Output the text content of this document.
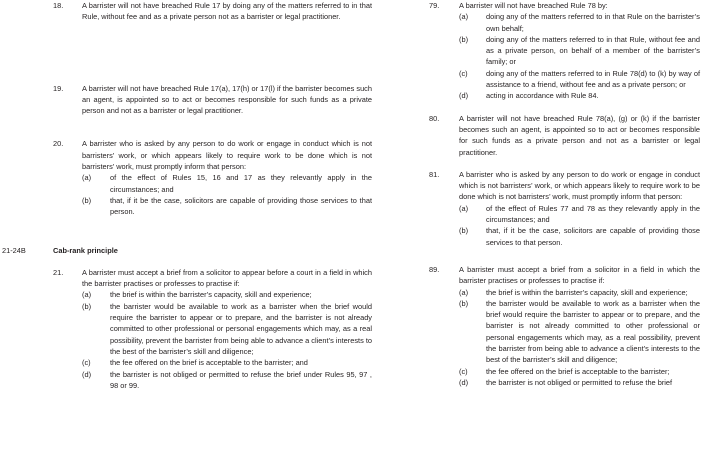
18.	A barrister will not have breached Rule 17 by doing any of the matters referred to in that Rule, without fee and as a private person not as a barrister or legal practitioner.
19.	A barrister will not have breached Rule 17(a), 17(h) or 17(l) if the barrister becomes such an agent, is appointed so to act or becomes responsible for such funds as a private person and not as a barrister or legal practitioner.
20.	A barrister who is asked by any person to do work or engage in conduct which is not barristers’ work, or which appears likely to require work to be done which is not barristers’ work, must promptly inform that person:
(a)	of the effect of Rules 15, 16 and 17 as they relevantly apply in the circumstances; and
(b)	that, if it be the case, solicitors are capable of providing those services to that person.
21-24B	Cab-rank principle
21.	A barrister must accept a brief from a solicitor to appear before a court in a field in which the barrister practises or professes to practise if:
(a)	the brief is within the barrister’s capacity, skill and experience;
(b)	the barrister would be available to work as a barrister when the brief would require the barrister to appear or to prepare, and the barrister is not already committed to other professional or personal engagements which may, as a real possibility, prevent the barrister from being able to advance a client’s interests to the best of the barrister’s skill and diligence;
(c)	the fee offered on the brief is acceptable to the barrister; and
(d)	the barrister is not obliged or permitted to refuse the brief under Rules 95, 97 , 98 or 99.
79.	A barrister will not have breached Rule 78 by:
(a)	doing any of the matters referred to in that Rule on the barrister’s own behalf;
(b)	doing any of the matters referred to in that Rule, without fee and as a private person, on behalf of a member of the barrister’s family; or
(c)	doing any of the matters referred to in Rule 78(d) to (k) by way of assistance to a friend, without fee and as a private person; or
(d)	acting in accordance with Rule 84.
80.	A barrister will not have breached Rule 78(a), (g) or (k) if the barrister becomes such an agent, is appointed so to act or becomes responsible for such funds as a private person and not as a barrister or legal practitioner.
81.	A barrister who is asked by any person to do work or engage in conduct which is not barristers’ work, or which appears likely to require work to be done which is not barristers’ work, must promptly inform that person:
(a)	of the effect of Rules 77 and 78 as they relevantly apply in the circumstances; and
(b)	that, if it be the case, solicitors are capable of providing those services to that person.
89.	A barrister must accept a brief from a solicitor in a field in which the barrister practises or professes to practise if:
(a)	the brief is within the barrister’s capacity, skill and experience;
(b)	the barrister would be available to work as a barrister when the brief would require the barrister to appear or to prepare, and the barrister is not already committed to other professional or personal engagements which may, as a real possibility, prevent the barrister from being able to advance a client’s interests to the best of the barrister’s skill and diligence;
(c)	the fee offered on the brief is acceptable to the barrister;
(d)	the barrister is not obliged or permitted to refuse the brief
